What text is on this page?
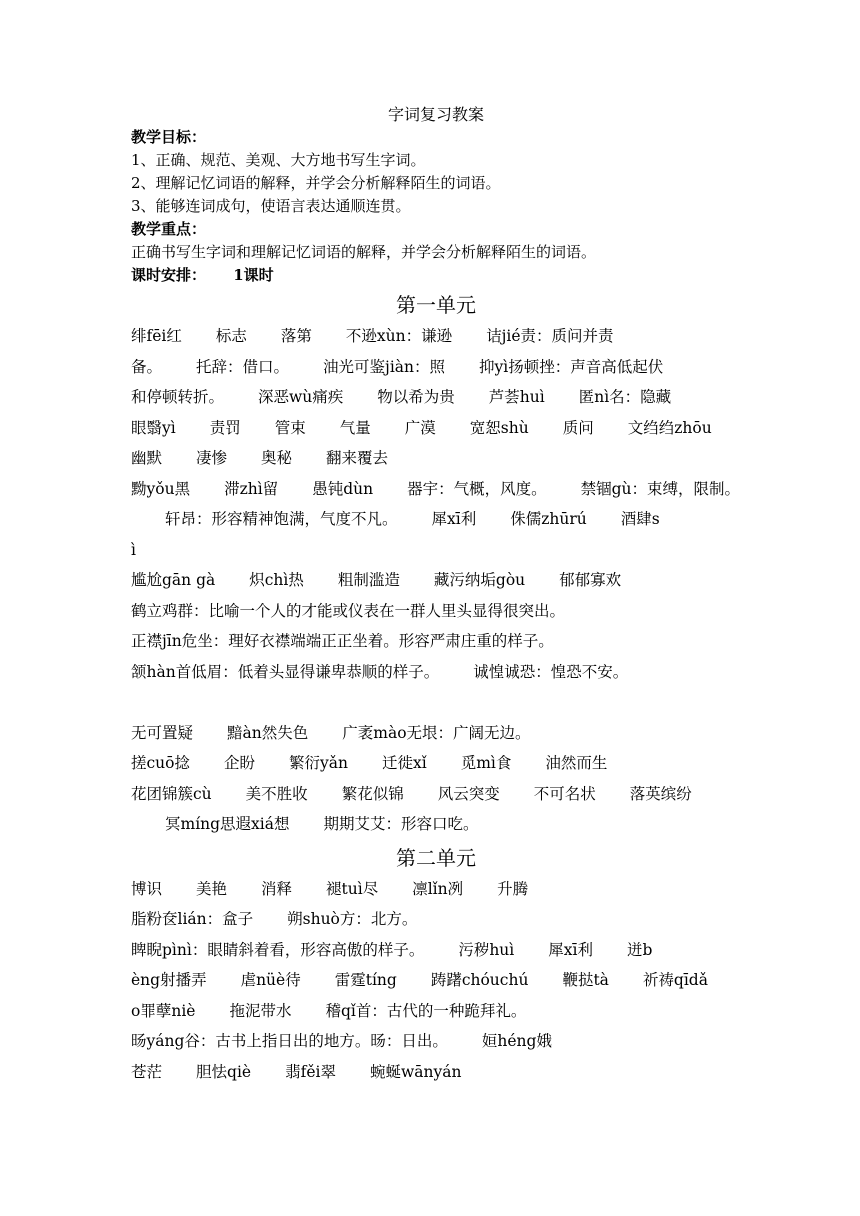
字词复习教案
教学目标：
1、正确、规范、美观、大方地书写生字词。
2、理解记忆词语的解释，并学会分析解释陌生的词语。
3、能够连词成句，使语言表达通顺连贯。
教学重点：
正确书写生字词和理解记忆词语的解释，并学会分析解释陌生的词语。
课时安排： 1课时
第一单元
绯fēi红 标志 落第 不逊xùn：谦逊 诘jié责：质问并责
备。 托辞：借口。 油光可鉴jiàn：照 抑yì扬顿挫：声音高低起伏
和停顿转折。 深恶wù痛疾 物以希为贵 芦荟huì 匿nì名：隐藏
眼翳yì 责罚 管束 气量 广漠 宽恕shù 质问 文绉绉zhōu
幽默 凄惨 奥秘 翻来覆去
黝yǒu黑 滞zhì留 愚钝dùn 器宇：气概，风度。 禁锢gù：束缚，限制。
轩昂：形容精神饱满，气度不凡。 犀xī利 侏儒zhūrú 酒肆s
ì
尴尬gān gà 炽chì热 粗制滥造 藏污纳垢gòu 郁郁寡欢
鹤立鸡群：比喻一个人的才能或仪表在一群人里头显得很突出。
正襟jīn危坐：理好衣襟端端正正坐着。形容严肃庄重的样子。
颔hàn首低眉：低着头显得谦卑恭顺的样子。 诚惶诚恐：惶恐不安。
无可置疑 黯àn然失色 广袤mào无垠：广阔无边。
搓cuō捻 企盼 繁衍yǎn 迁徙xǐ 觅mì食 油然而生
花团锦簇cù 美不胜收 繁花似锦 风云突变 不可名状 落英缤纷
冥míng思遐xiá想 期期艾艾：形容口吃。
第二单元
博识 美艳 消释 褪tuì尽 凛lǐn冽 升腾
脂粉奁lián：盒子 朔shuò方：北方。
睥睨pìnì：眼睛斜着看，形容高傲的样子。 污秽huì 犀xī利 迸b
èng射播弄 虐nüè待 雷霆tíng 踌躇chóuchú 鞭挞tà 祈祷qīdǎ
o罪孽niè 拖泥带水 稽qǐ首：古代的一种跪拜礼。
旸yáng谷：古书上指日出的地方。旸：日出。 姮héng娥
苍茫 胆怯qiè 翡fěi翠 蜿蜒wānyán
